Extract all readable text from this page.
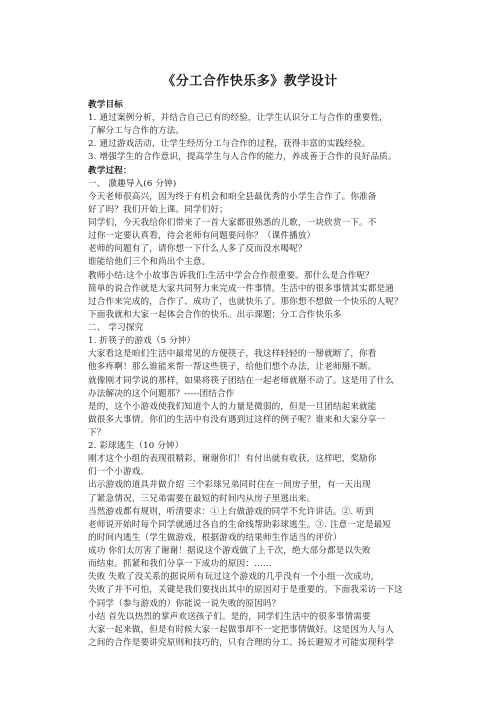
《分工合作快乐多》教学设计
教学目标
1. 通过案例分析，并结合自己已有的经验，让学生认识分工与合作的重要性，
了解分工与合作的方法。
2. 通过游戏活动，让学生经历分工与合作的过程，获得丰富的实践经验。
3. 增强学生的合作意识，提高学生与人合作的能力，养成善于合作的良好品质。
教学过程：
一、 激趣导入(6 分钟)
今天老师很高兴，因为终于有机会和咱全县最优秀的小学生合作了。你准备
好了吗？我们开始上课。同学们好；
同学们，今天我给你们带来了一首大家都很熟悉的儿歌，一块欣赏一下。不
过你一定要认真看，待会老师有问题要问你？（课件播放）
老师的问题有了，请你想一下什么人多了反而没水喝呢？
谁能给他们三个和尚出个主意。
教师小结:这个小故事告诉我们:生活中学会合作很重要。那什么是合作呢？
简单的说合作就是大家共同努力来完成一件事情。生活中的很多事情其实都是通
过合作来完成的，合作了、成功了，也就快乐了。那你想不想做一个快乐的人呢？
下面我就和大家一起体会合作的快乐。出示课题：分工合作快乐多
二、 学习探究
1. 折筷子的游戏（5 分钟）
大家看这是咱们生活中最常见的方便筷子，我这样轻轻的一掰就断了，你看
他多疼啊！那么谁能来帮一帮这些筷子，给他们想个办法，让老师掰不断。
就像刚才同学说的那样，如果将筷子团结在一起老师就掰不动了。这是用了什么
办法解决的这个问题那？-----团结合作
是的，这个小游戏使我们知道个人的力量是微弱的，但是一旦团结起来就能
做很多大事情。你们的生活中有没有遇到过这样的例子呢？谁来和大家分享一
下？
2. 彩球逃生（10 分钟）
刚才这个小组的表现很精彩，谢谢你们！有付出就有收获，这样吧，奖励你
们一个小游戏。
出示游戏的道具并做介绍 三个彩球兄弟同时住在一间房子里，有一天出现
了紧急情况，三兄弟需要在最短的时间内从房子里逃出来。
当然游戏都有规则，听清要求：①上台做游戏的同学不允许讲话。②. 听到
老师说开始时每个同学就通过各自的生命线帮助彩球逃生。③. 注意一定是最短
的时间内逃生（学生做游戏，根据游戏的结果师生作适当的评价）
成功 你们太厉害了谢谢！据说这个游戏做了上千次，绝大部分都是以失败
而结束。抓紧和我们分享一下成功的原因：……
失败 失败了没关系的据说所有玩过这个游戏的几乎没有一个小组一次成功，
失败了并不可怕，关键是我们要找出其中的原因对于是重要的。下面我采访一下这
个同学（参与游戏的）你能说一说失败的原因吗？
小结 首先以热烈的掌声欢送孩子们。是的，同学们生活中的很多事情需要
大家一起来做，但是有时候大家一起做事却不一定把事情做好。这是因为人与人
之间的合作是要讲究原则和技巧的，只有合理的分工、扬长避短才可能实现科学
